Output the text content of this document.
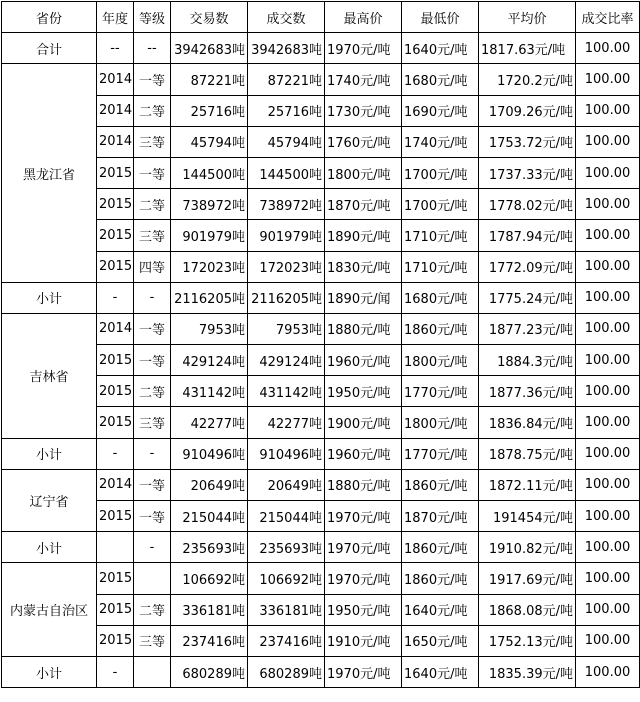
省份	年度	等级	交易数	成交数	最高价	最低价	平均价	成交比率
合计	--	--	3942683吨	3942683吨	1970元/吨	1640元/吨	1817.63元/吨	100.00
黑龙江省	2014	一等	87221吨	87221吨	1740元/吨	1680元/吨	1720.2元/吨	100.00
	2014	二等	25716吨	25716吨	1730元/吨	1690元/吨	1709.26元/吨	100.00
	2014	三等	45794吨	45794吨	1760元/吨	1740元/吨	1753.72元/吨	100.00
	2015	一等	144500吨	144500吨	1800元/吨	1700元/吨	1737.33元/吨	100.00
	2015	二等	738972吨	738972吨	1870元/吨	1700元/吨	1778.02元/吨	100.00
	2015	三等	901979吨	901979吨	1890元/吨	1710元/吨	1787.94元/吨	100.00
	2015	四等	172023吨	172023吨	1830元/吨	1710元/吨	1772.09元/吨	100.00
小计	-	-	2116205吨	2116205吨	1890元/闻	1680元/吨	1775.24元/吨	100.00
吉林省	2014	一等	7953吨	7953吨	1880元/吨	1860元/吨	1877.23元/吨	100.00
	2015	一等	429124吨	429124吨	1960元/吨	1800元/吨	1884.3元/吨	100.00
	2015	二等	431142吨	431142吨	1950元/吨	1770元/吨	1877.36元/吨	100.00
	2015	三等	42277吨	42277吨	1900元/吨	1800元/吨	1836.84元/吨	100.00
小计	-	-	910496吨	910496吨	1960元/吨	1770元/吨	1878.75元/吨	100.00
辽宁省	2014	一等	20649吨	20649吨	1880元/吨	1860元/吨	1872.11元/吨	100.00
	2015	一等	215044吨	215044吨	1970元/吨	1870元/吨	191454元/吨	100.00
小计		-	235693吨	235693吨	1970元/吨	1860元/吨	1910.82元/吨	100.00
内蒙古自治区	2015		106692吨	106692吨	1970元/吨	1860元/吨	1917.69元/吨	100.00
	2015	二等	336181吨	336181吨	1950元/吨	1640元/吨	1868.08元/吨	100.00
	2015	三等	237416吨	237416吨	1910元/吨	1650元/吨	1752.13元/吨	100.00
小计	-		680289吨	680289吨	1970元/吨	1640元/吨	1835.39元/吨	100.00
